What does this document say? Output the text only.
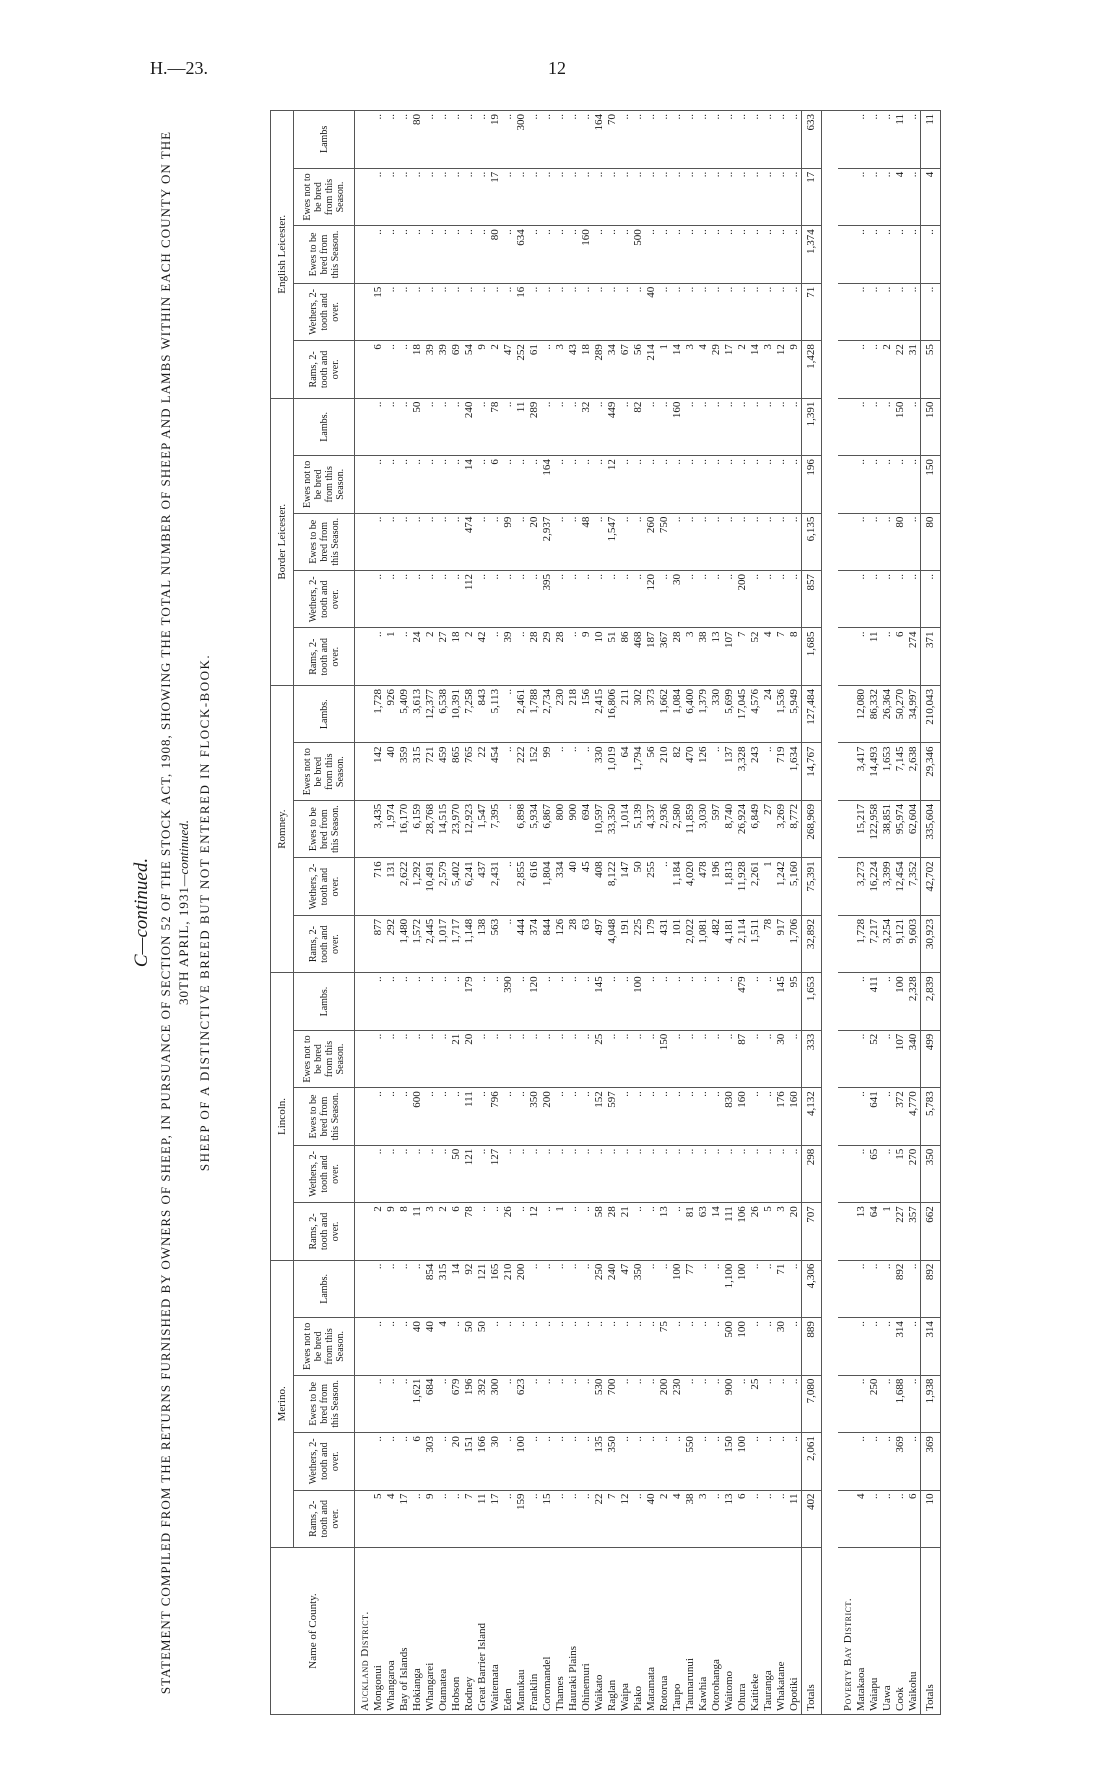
H.—23.	12
C—continued. STATEMENT COMPILED FROM THE RETURNS FURNISHED BY OWNERS OF SHEEP, IN PURSUANCE OF SECTION 52 OF THE STOCK ACT, 1908, SHOWING THE TOTAL NUMBER OF SHEEP AND LAMBS WITHIN EACH COUNTY ON THE 30TH APRIL, 1931—continued. SHEEP OF A DISTINCTIVE BREED BUT NOT ENTERED IN FLOCK-BOOK.
Name of County.	Merino.					Lincoln.					Romney.					Border Leicester.					English Leicester.				
	Rams, 2-tooth and over.	Wethers, 2-tooth and over.	Ewes to be bred from this Season.	Ewes not to be bred from this Season.	Lambs.	Rams, 2-tooth and over.	Wethers, 2-tooth and over.	Ewes to be bred from this Season.	Ewes not to be bred from this Season.	Lambs.	Rams, 2-tooth and over.	Wethers, 2-tooth and over.	Ewes to be bred from this Season.	Ewes not to be bred from this Season.	Lambs.	Rams, 2-tooth and over.	Wethers, 2-tooth and over.	Ewes to be bred from this Season.	Ewes not to be bred from this Season.	Lambs.	Rams, 2-tooth and over.	Wethers, 2-tooth and over.	Ewes to be bred from this Season.	Ewes not to be bred from this Season.	Lambs
Auckland District.																									
Mongonui	5	..	..	..	..	2	..	..	..	..	877	716	3,435	142	1,728	..	..	..	..	..	6	15	..	..	..
Whangaroa	4	..	..	..	..	9	..	..	..	..	292	131	1,974	40	926	1	..	..	..	..	..	..	..	..	..
Bay of Islands	17	..	..	..	..	8	..	..	..	..	1,480	2,622	16,170	359	5,409	..	..	..	..	..	..	..	..	..	..
Hokianga	..	6	1,621	40	..	11	..	600	..	..	1,572	1,292	6,159	315	3,613	24	..	..	..	50	18	..	..	..	80
Whangarei	9	303	684	40	854	3	..	..	..	..	2,445	10,491	28,768	721	12,377	2	..	..	..	..	39	..	..	..	..
Otamatea	..	..	..	4	315	2	..	..	..	..	1,017	2,579	14,515	459	6,538	27	..	..	..	..	39	..	..	..	..
Hobson	..	20	679	..	14	6	50	..	21	..	1,717	5,402	23,970	865	10,391	18	..	..	..	..	69	..	..	..	..
Rodney	7	151	196	50	92	78	121	111	20	179	1,148	6,241	12,923	765	7,258	2	112	474	14	240	54	..	..	..	..
Great Barrier Island	11	166	392	50	121	..	..	..	..	..	138	437	1,547	22	843	42	..	..	..	..	9	..	..	..	..
Waitemata	17	30	300	..	165	..	127	796	..	..	563	2,431	7,395	454	5,113	..	..	..	6	78	2	..	80	17	19
Eden	..	..	..	..	210	26	..	..	..	390	..	..	..	..	..	39	..	99	..	..	47	..	..	..	..
Manukau	159	100	623	..	200	..	..	..	..	..	444	2,855	6,898	222	2,461	..	..	..	..	11	252	16	634	..	300
Franklin	..	..	..	..	..	12	..	350	..	120	374	616	5,934	152	1,788	28	..	20	..	289	61	..	..	..	..
Coromandel	15	..	..	..	..	..	..	200	..	..	844	1,804	6,867	99	2,734	29	395	2,937	164	..	..	..	..	..	..
Thames	..	..	..	..	..	1	..	..	..	..	126	334	800	..	230	28	..	..	..	..	3	..	..	..	..
Hauraki Plains	..	..	..	..	..	..	..	..	..	..	28	40	900	..	218	..	..	..	..	..	43	..	..	..	..
Ohinemuri	..	..	..	..	..	..	..	..	..	..	63	45	694	..	156	9	..	48	..	32	18	..	160	..	..
Waikato	22	135	530	..	250	58	..	152	25	145	497	408	10,597	330	2,415	10	..	..	..	..	289	..	..	..	164
Raglan	7	350	700	..	240	28	..	597	..	..	4,048	8,122	33,350	1,019	16,806	51	..	1,547	12	449	34	..	..	..	70
Waipa	12	..	..	..	47	21	..	..	..	..	191	147	1,014	64	211	86	..	..	..	..	67	..	..	..	..
Piako	..	..	..	..	350	..	..	..	..	100	225	50	5,139	1,794	302	468	..	..	..	82	56	..	500	..	..
Matamata	40	..	..	..	..	..	..	..	..	..	179	255	4,337	56	373	187	120	260	..	..	214	40	..	..	..
Rotorua	2	..	200	75	..	13	..	..	150	..	431	..	2,936	210	1,662	367	..	750	..	..	1	..	..	..	..
Taupo	4	..	230	..	100	..	..	..	..	..	101	1,184	2,580	82	1,084	28	30	..	..	160	14	..	..	..	..
Taumarunui	38	550	..	..	77	81	..	..	..	..	2,022	4,020	11,859	470	6,400	3	..	..	..	..	3	..	..	..	..
Kawhia	3	..	..	..	..	63	..	..	..	..	1,081	478	3,030	126	1,379	38	..	..	..	..	4	..	..	..	..
Otorohanga	..	..	..	..	..	14	..	..	..	..	482	196	597	..	330	13	..	..	..	..	29	..	..	..	..
Waitomo	13	150	900	500	1,100	111	..	830	..	..	4,181	1,813	8,740	137	5,699	107	..	..	..	..	17	..	..	..	..
Ohura	6	100	..	100	100	106	..	160	87	479	2,114	11,928	26,924	3,328	17,045	7	200	..	..	..	2	..	..	..	..
Kaitieke	..	..	25	..	..	26	..	..	..	..	1,511	2,261	6,849	243	4,576	52	..	..	..	..	14	..	..	..	..
Tauranga	..	..	..	..	..	5	..	..	..	..	78	1	27	..	24	4	..	..	..	..	3	..	..	..	..
Whakatane	..	..	..	30	71	3	..	176	30	145	917	1,242	3,269	719	1,536	7	..	..	..	..	12	..	..	..	..
Opotiki	11	..	..	..	..	20	..	160	..	95	1,706	5,160	8,772	1,634	5,949	8	..	..	..	..	9	..	..	..	..
Totals	402	2,061	7,080	889	4,306	707	298	4,132	333	1,653	32,892	75,391	268,969	14,767	127,484	1,685	857	6,135	196	1,391	1,428	71	1,374	17	633

Poverty Bay District.																									
Matakaoa	4	..	..	..	..	13	..	..	..	..	1,728	3,273	15,217	3,417	12,080	..	..	..	..	..	..	..	..	..	..
Waiapu	..	..	250	..	..	64	65	641	52	411	7,217	16,224	122,958	14,493	86,332	11	..	..	..	..	..	..	..	..	..
Uawa	..	..	..	..	..	1	..	..	..	..	3,254	3,399	38,851	1,653	26,364	..	..	..	..	..	2	..	..	..	..
Cook	..	369	1,688	314	892	227	15	372	107	100	9,121	12,454	95,974	7,145	50,270	6	..	80	..	150	22	..	..	4	11
Waikohu	6	..	..	..	..	357	270	4,770	340	2,328	9,603	7,352	62,604	2,638	34,997	274	..	..	..	..	31	..	..	..	..
Totals	10	369	1,938	314	892	662	350	5,783	499	2,839	30,923	42,702	335,604	29,346	210,043	371	..	80	150	150	55	..	..	4	11
